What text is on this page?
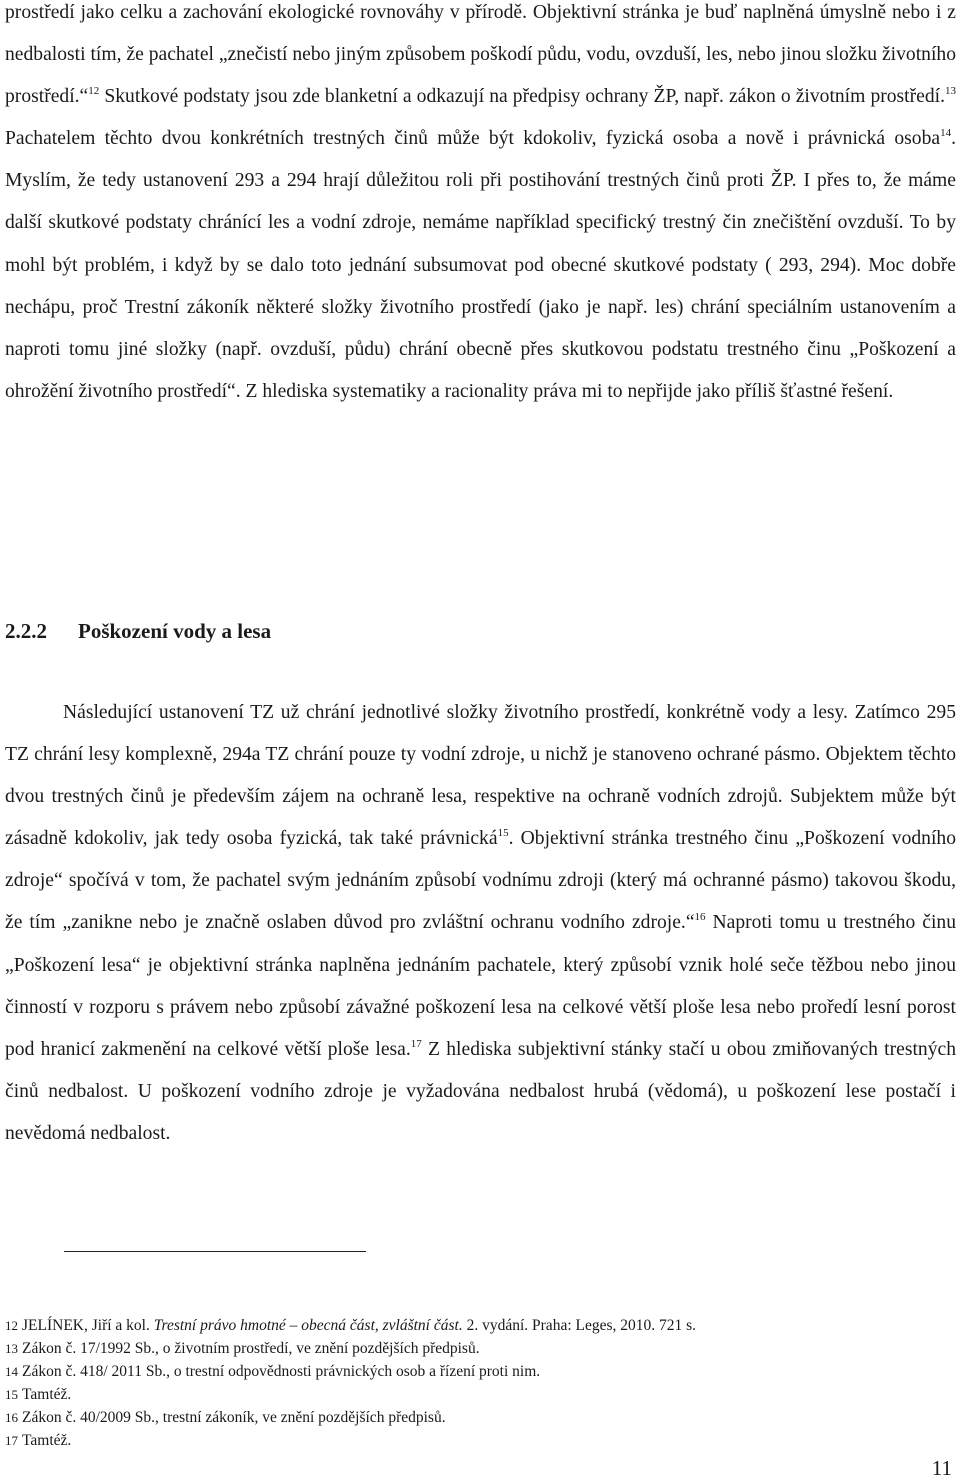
prostředí jako celku a zachování ekologické rovnováhy v přírodě. Objektivní stránka je buď naplněná úmyslně nebo i z nedbalosti tím, že pachatel „znečistí nebo jiným způsobem poškodí půdu, vodu, ovzduší, les, nebo jinou složku životního prostředí.“$^{12}$ Skutkové podstaty jsou zde blanketní a odkazují na předpisy ochrany ŽP, např. zákon o životním prostředí.$^{13}$ Pachatelem těchto dvou konkrétních trestných činů může být kdokoliv, fyzická osoba a nově i právnická osoba$^{14}$. Myslím, že tedy ustanovení 293 a 294 hrají důležitou roli při postihování trestných činů proti ŽP. I přes to, že máme další skutkové podstaty chránící les a vodní zdroje, nemáme například specifický trestný čin znečištění ovzduší. To by mohl být problém, i když by se dalo toto jednání subsumovat pod obecné skutkové podstaty ( 293, 294). Moc dobře nechápu, proč Trestní zákoník některé složky životního prostředí (jako je např. les) chrání speciálním ustanovením a naproti tomu jiné složky (např. ovzduší, půdu) chrání obecně přes skutkovou podstatu trestného činu „Poškození a ohrožění životního prostředí“. Z hlediska systematiky a racionality práva mi to nepřijde jako příliš šťastné řešení.

2.2.2 Poškození vody a lesa

Následující ustanovení TZ už chrání jednotlivé složky životního prostředí, konkrétně vody a lesy. Zatímco 295 TZ chrání lesy komplexně, 294a TZ chrání pouze ty vodní zdroje, u nichž je stanoveno ochrané pásmo. Objektem těchto dvou trestných činů je především zájem na ochraně lesa, respektive na ochraně vodních zdrojů. Subjektem může být zásadně kdokoliv, jak tedy osoba fyzická, tak také právnická$^{15}$. Objektivní stránka trestného činu „Poškození vodního zdroje“ spočívá v tom, že pachatel svým jednáním způsobí vodnímu zdroji (který má ochranné pásmo) takovou škodu, že tím „zanikne nebo je značně oslaben důvod pro zvláštní ochranu vodního zdroje.“$^{16}$ Naproti tomu u trestného činu „Poškození lesa“ je objektivní stránka naplněna jednáním pachatele, který způsobí vznik holé seče těžbou nebo jinou činností v rozporu s právem nebo způsobí závažné poškození lesa na celkové větší ploše lesa nebo proředí lesní porost pod hranicí zakmenění na celkové větší ploše lesa.$^{17}$ Z hlediska subjektivní stánky stačí u obou zmiňovaných trestných činů nedbalost. U poškození vodního zdroje je vyžadována nedbalost hrubá (vědomá), u poškození lese postačí i nevědomá nedbalost.

12 JELÍNEK, Jiří a kol. Trestní právo hmotné – obecná část, zvláštní část. 2. vydání. Praha: Leges, 2010. 721 s.
13 Zákon č. 17/1992 Sb., o životním prostředí, ve znění pozdějších předpisů.
14 Zákon č. 418/ 2011 Sb., o trestní odpovědnosti právnických osob a řízení proti nim.
15 Tamtéž.
16 Zákon č. 40/2009 Sb., trestní zákoník, ve znění pozdějších předpisů.
17 Tamtéž.
11
